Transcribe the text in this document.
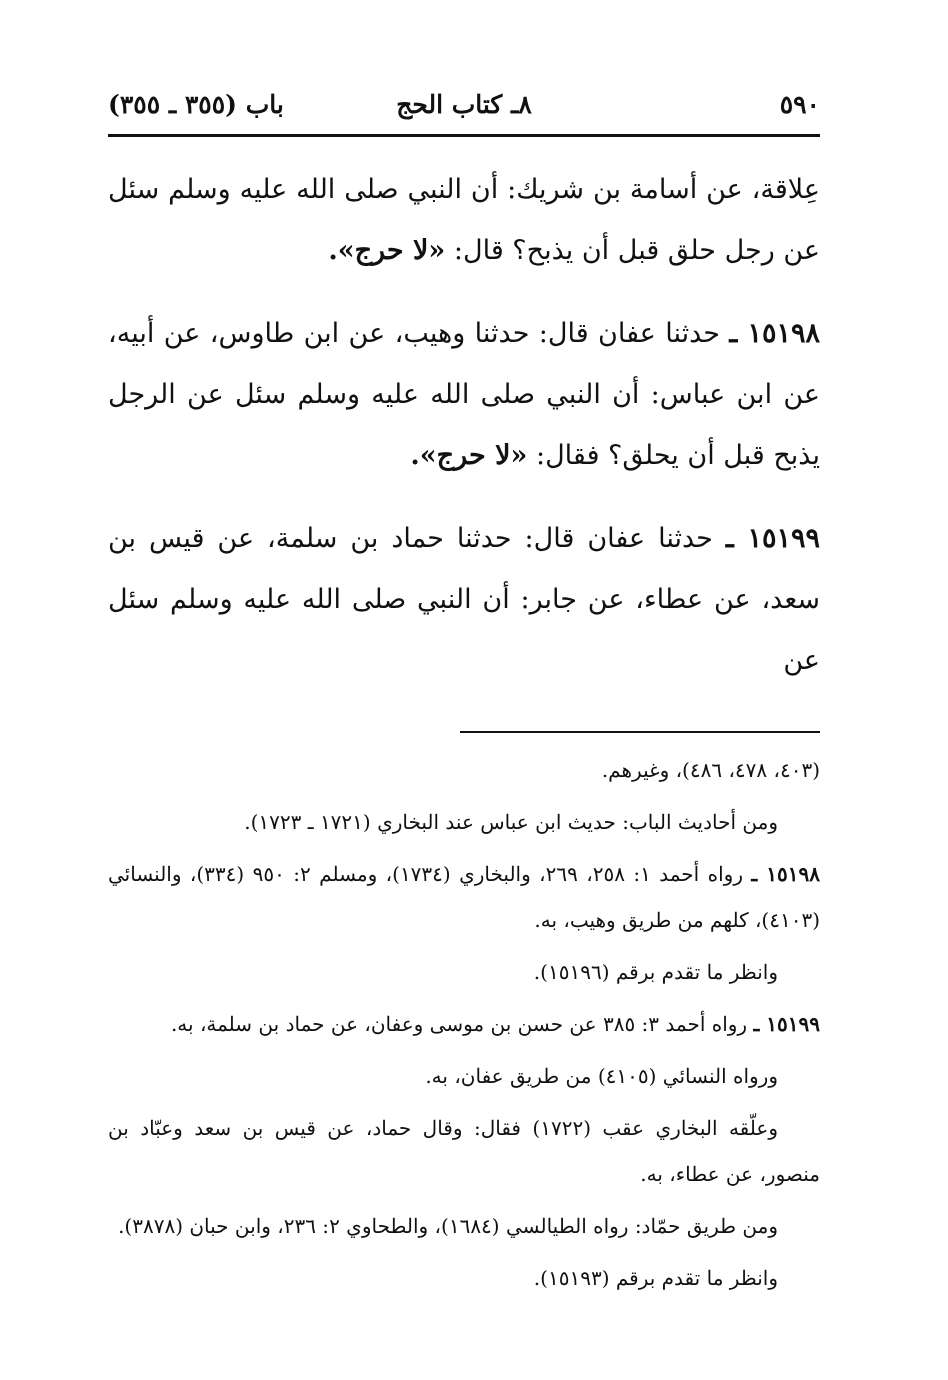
٥٩٠
٨ـ كتاب الحج
باب (٣٥٥ ـ ٣٥٥)

عِلاقة، عن أسامة بن شريك: أن النبي صلى الله عليه وسلم سئل عن رجل حلق قبل أن يذبح؟ قال: «لا حرج».

١٥١٩٨ ـ حدثنا عفان قال: حدثنا وهيب، عن ابن طاوس، عن أبيه، عن ابن عباس: أن النبي صلى الله عليه وسلم سئل عن الرجل يذبح قبل أن يحلق؟ فقال: «لا حرج».

١٥١٩٩ ـ حدثنا عفان قال: حدثنا حماد بن سلمة، عن قيس بن سعد، عن عطاء، عن جابر: أن النبي صلى الله عليه وسلم سئل عن

(٤٠٣، ٤٧٨، ٤٨٦)، وغيرهم.

ومن أحاديث الباب: حديث ابن عباس عند البخاري (١٧٢١ ـ ١٧٢٣).

١٥١٩٨ ـ رواه أحمد ١: ٢٥٨، ٢٦٩، والبخاري (١٧٣٤)، ومسلم ٢: ٩٥٠ (٣٣٤)، والنسائي (٤١٠٣)، كلهم من طريق وهيب، به.

وانظر ما تقدم برقم (١٥١٩٦).

١٥١٩٩ ـ رواه أحمد ٣: ٣٨٥ عن حسن بن موسى وعفان، عن حماد بن سلمة، به.

ورواه النسائي (٤١٠٥) من طريق عفان، به.

وعلّقه البخاري عقب (١٧٢٢) فقال: وقال حماد، عن قيس بن سعد وعبّاد بن منصور، عن عطاء، به.

ومن طريق حمّاد: رواه الطيالسي (١٦٨٤)، والطحاوي ٢: ٢٣٦، وابن حبان (٣٨٧٨).

وانظر ما تقدم برقم (١٥١٩٣).
